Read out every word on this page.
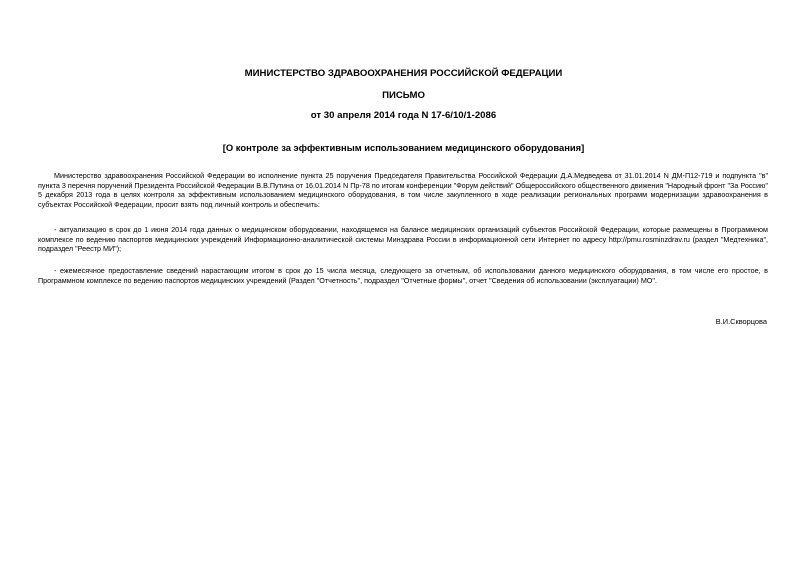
МИНИСТЕРСТВО ЗДРАВООХРАНЕНИЯ РОССИЙСКОЙ ФЕДЕРАЦИИ
ПИСЬМО
от 30 апреля 2014 года N 17-6/10/1-2086
[О контроле за эффективным использованием медицинского оборудования]

Министерство здравоохранения Российской Федерации во исполнение пункта 25 поручения Председателя Правительства Российской Федерации Д.А.Медведева от 31.01.2014 N ДМ-П12-719 и подпункта "в" пункта 3 перечня поручений Президента Российской Федерации В.В.Путина от 16.01.2014 N Пр-78 по итогам конференции "Форум действий" Общероссийского общественного движения "Народный фронт "За Россию" 5 декабря 2013 года в целях контроля за эффективным использованием медицинского оборудования, в том числе закупленного в ходе реализации региональных программ модернизации здравоохранения в субъектах Российской Федерации, просит взять под личный контроль и обеспечить:

- актуализацию в срок до 1 июня 2014 года данных о медицинском оборудовании, находящемся на балансе медицинских организаций субъектов Российской Федерации, которые размещены в Программном комплексе по ведению паспортов медицинских учреждений Информационно-аналитической системы Минздрава России в информационной сети Интернет по адресу http://pmu.rosminzdrav.ru (раздел "Медтехника", подраздел "Реестр МИ");

- ежемесячное предоставление сведений нарастающим итогом в срок до 15 числа месяца, следующего за отчетным, об использовании данного медицинского оборудования, в том числе его простое, в Программном комплексе по ведению паспортов медицинских учреждений (Раздел "Отчетность", подраздел "Отчетные формы", отчет "Сведения об использовании (эксплуатации) МО".

В.И.Скворцова
